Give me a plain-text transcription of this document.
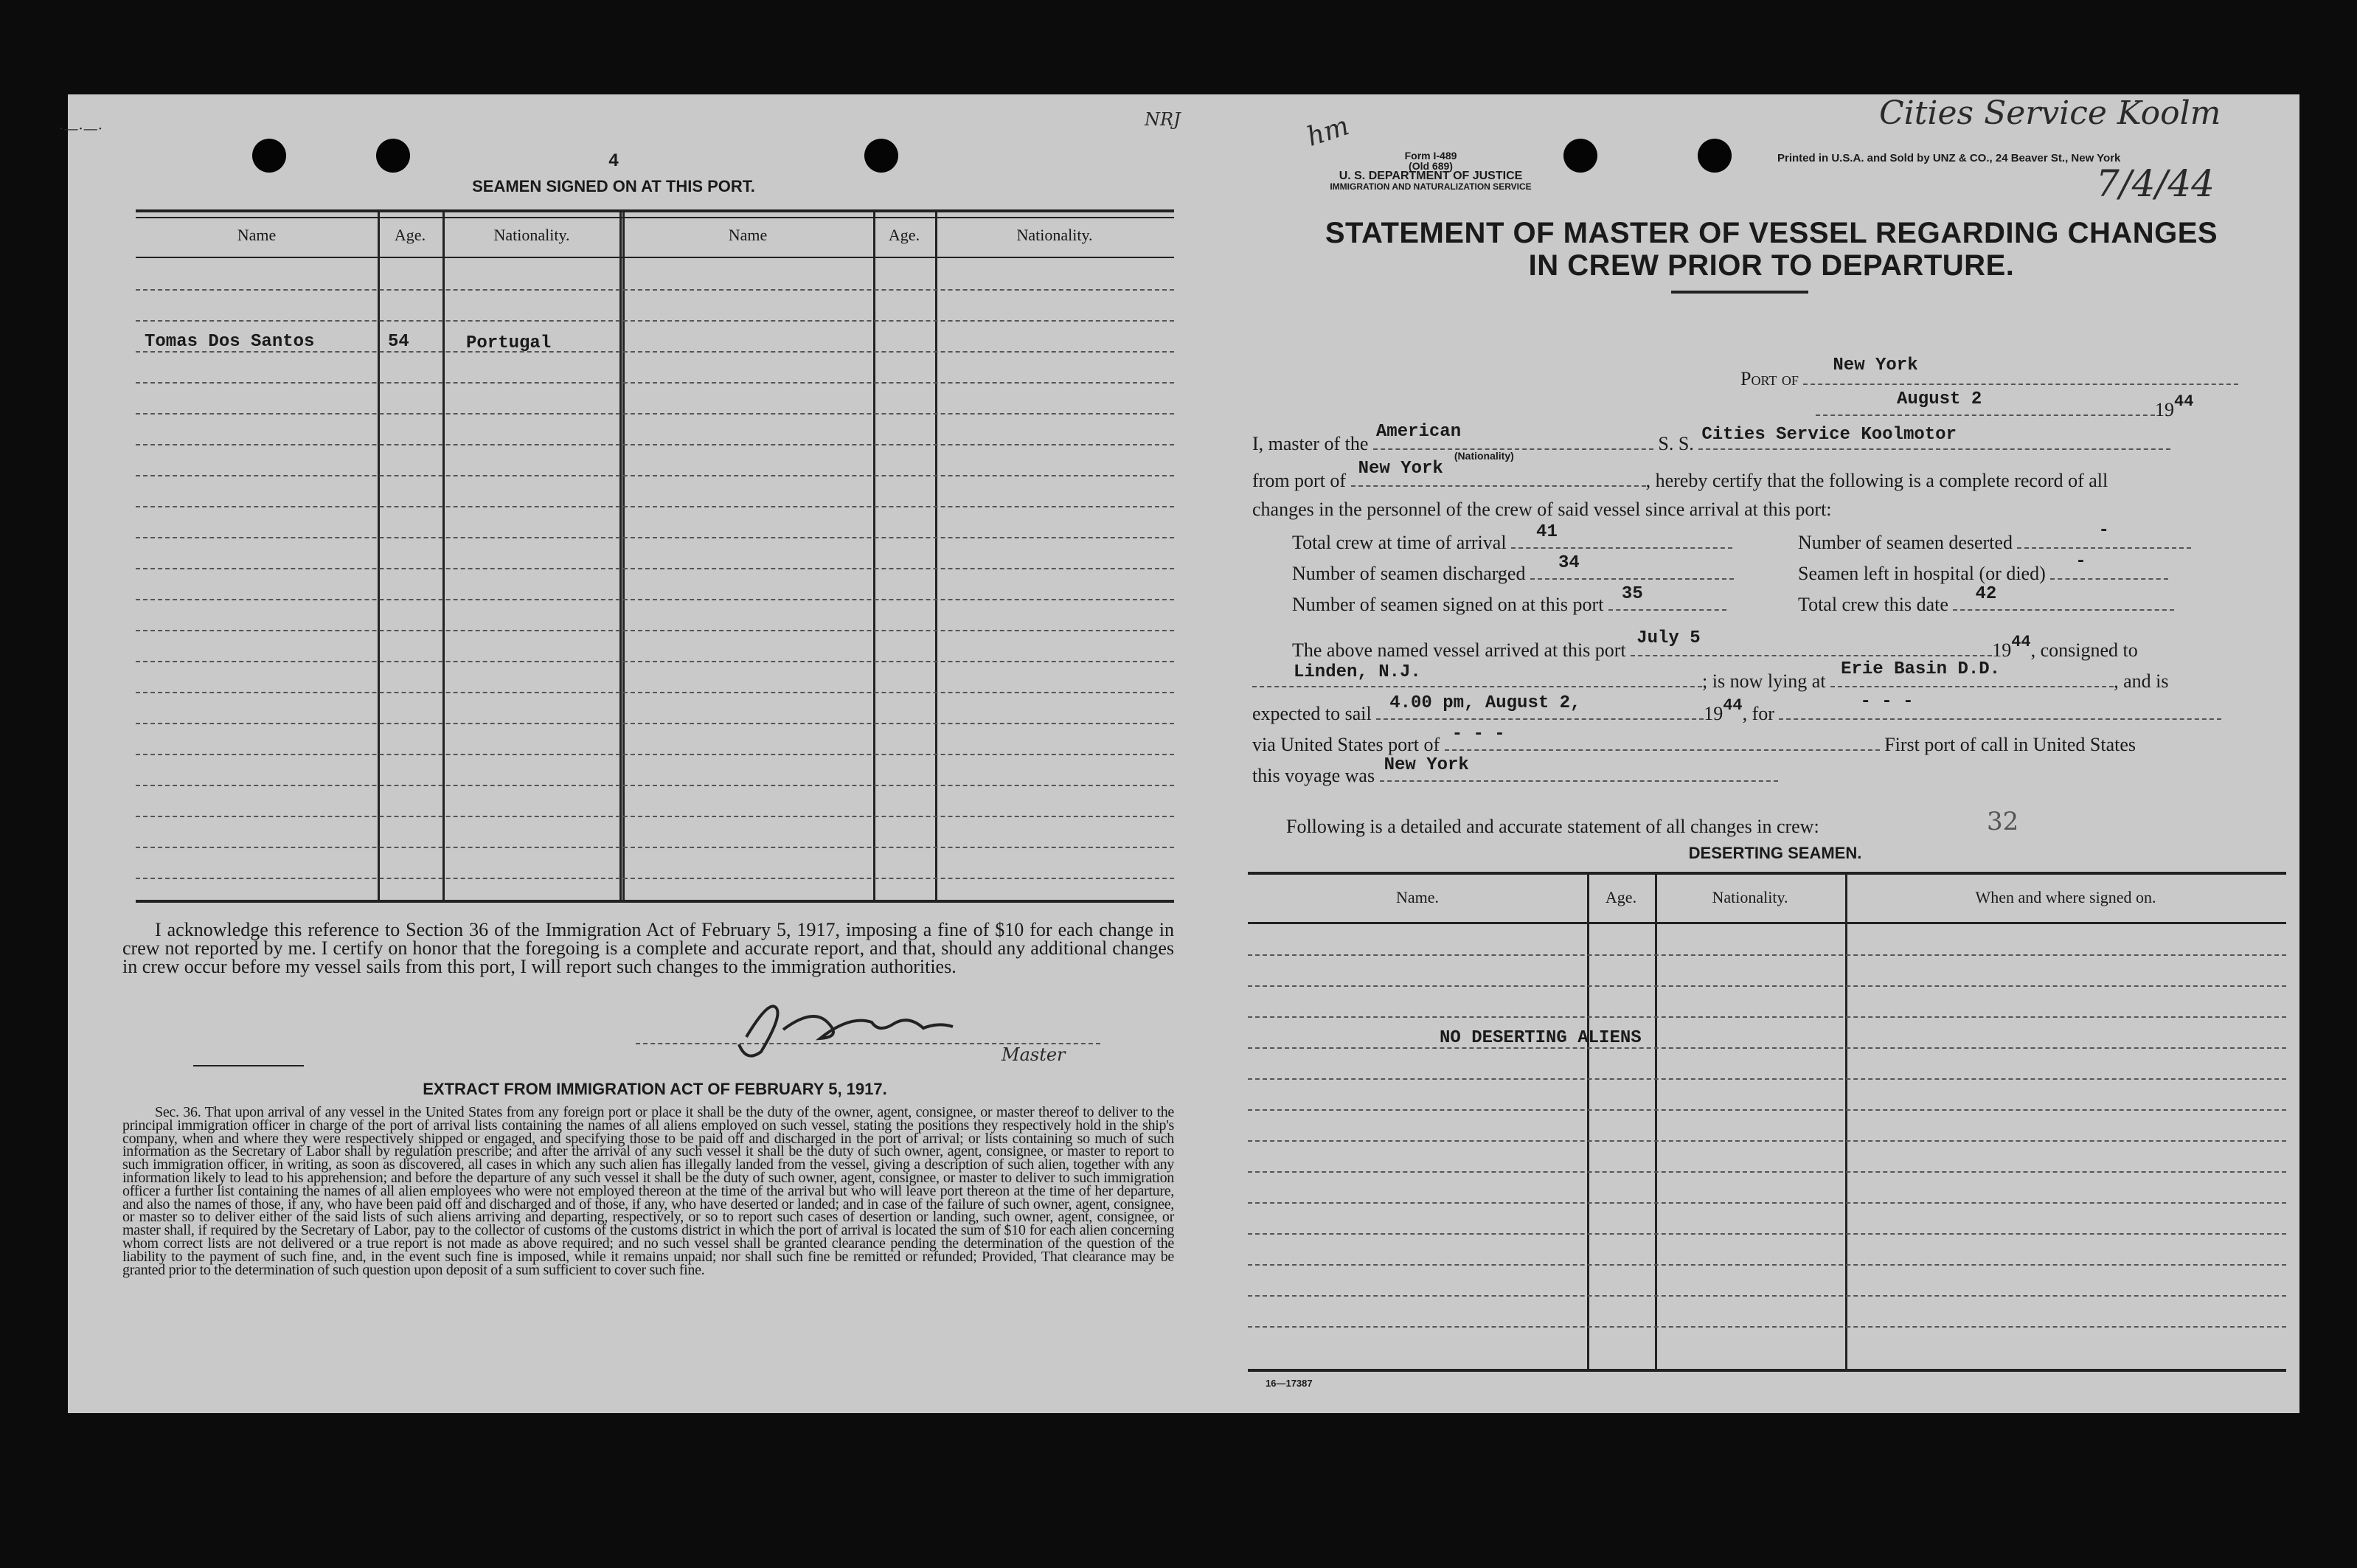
4
SEAMEN SIGNED ON AT THIS PORT.
Name	Age.	Nationality.	Name	Age.	Nationality.
Tomas Dos Santos	54	Portugal
I acknowledge this reference to Section 36 of the Immigration Act of February 5, 1917, imposing a fine of $10 for each change in crew not reported by me. I certify on honor that the foregoing is a complete and accurate report, and that, should any additional changes in crew occur before my vessel sails from this port, I will report such changes to the immigration authorities.
Master
EXTRACT FROM IMMIGRATION ACT OF FEBRUARY 5, 1917.
Sec. 36. That upon arrival of any vessel in the United States from any foreign port or place it shall be the duty of the owner, agent, consignee, or master thereof to deliver to the principal immigration officer in charge of the port of arrival lists containing the names of all aliens employed on such vessel, stating the positions they respectively hold in the ship's company, when and where they were respectively shipped or engaged, and specifying those to be paid off and discharged in the port of arrival; or lists containing so much of such information as the Secretary of Labor shall by regulation prescribe; and after the arrival of any such vessel it shall be the duty of such owner, agent, consignee, or master to report to such immigration officer, in writing, as soon as discovered, all cases in which any such alien has illegally landed from the vessel, giving a description of such alien, together with any information likely to lead to his apprehension; and before the departure of any such vessel it shall be the duty of such owner, agent, consignee, or master to deliver to such immigration officer a further list containing the names of all alien employees who were not employed thereon at the time of the arrival but who will leave port thereon at the time of her departure, and also the names of those, if any, who have been paid off and discharged and of those, if any, who have deserted or landed; and in case of the failure of such owner, agent, consignee, or master so to deliver either of the said lists of such aliens arriving and departing, respectively, or so to report such cases of desertion or landing, such owner, agent, consignee, or master shall, if required by the Secretary of Labor, pay to the collector of customs of the customs district in which the port of arrival is located the sum of $10 for each alien concerning whom correct lists are not delivered or a true report is not made as above required; and no such vessel shall be granted clearance pending the determination of the question of the liability to the payment of such fine, and, in the event such fine is imposed, while it remains unpaid; nor shall such fine be remitted or refunded; Provided, That clearance may be granted prior to the determination of such question upon deposit of a sum sufficient to cover such fine.
·—·—·	NRJ	hm
Form I-489
(Old 689)
U. S. DEPARTMENT OF JUSTICE
IMMIGRATION AND NATURALIZATION SERVICE
Printed in U.S.A. and Sold by UNZ & CO., 24 Beaver St., New York
Cities Service Koolm
7/4/44
STATEMENT OF MASTER OF VESSEL REGARDING CHANGES
IN CREW PRIOR TO DEPARTURE.
Port of
New York
August 2	$19^{44}$
I, master of the
American
(Nationality)
S. S. Cities Service Koolmotor
from port of
New York
, hereby certify that the following is a complete record of all
changes in the personnel of the crew of said vessel since arrival at this port:
Total crew at time of arrival 41	Number of seamen deserted
-
Number of seamen discharged 34	Seamen left in hospital (or died)
-
Number of seamen signed on at this port 35	Total crew this date 42
The above named vessel arrived at this port
July 5
$19^{44}$, consigned to
Linden, N.J.	; is now lying at
Erie Basin D.D.
, and is
expected to sail 4.00 pm, August 2,	$19^{44}$, for
- - -
via United States port of - - -	First port of call in United States
this voyage was New York
Following is a detailed and accurate statement of all changes in crew:	32
DESERTING SEAMEN.
Name.	Age.	Nationality.	When and where signed on.
NO DESERTING ALIENS
16—17387
